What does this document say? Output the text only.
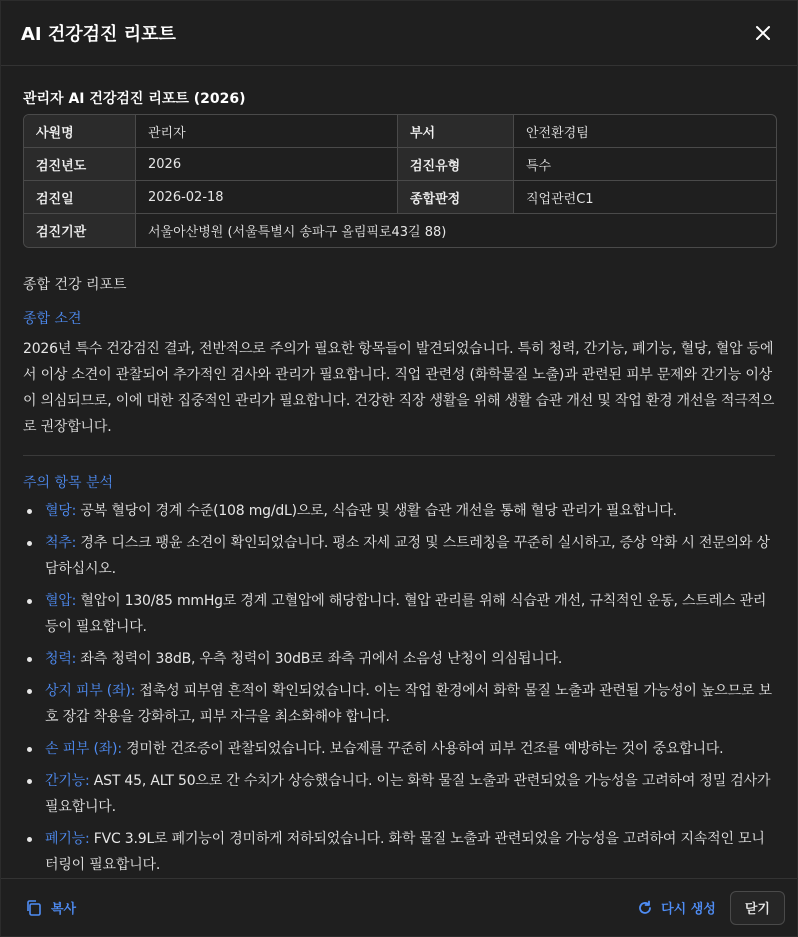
AI 건강검진 리포트
관리자 AI 건강검진 리포트 (2026)
사원명	관리자	부서	안전환경팀
검진년도	2026	검진유형	특수
검진일	2026-02-18	종합판정	직업관련C1
검진기관	서울아산병원 (서울특별시 송파구 올림픽로43길 88)		
종합 건강 리포트
종합 소견
2026년 특수 건강검진 결과, 전반적으로 주의가 필요한 항목들이 발견되었습니다. 특히 청력, 간기능, 폐기능, 혈당, 혈압 등에서 이상 소견이 관찰되어 추가적인 검사와 관리가 필요합니다. 직업 관련성 (화학물질 노출)과 관련된 피부 문제와 간기능 이상이 의심되므로, 이에 대한 집중적인 관리가 필요합니다. 건강한 직장 생활을 위해 생활 습관 개선 및 작업 환경 개선을 적극적으로 권장합니다.
주의 항목 분석
혈당: 공복 혈당이 경계 수준(108 mg/dL)으로, 식습관 및 생활 습관 개선을 통해 혈당 관리가 필요합니다.
척추: 경추 디스크 팽윤 소견이 확인되었습니다. 평소 자세 교정 및 스트레칭을 꾸준히 실시하고, 증상 악화 시 전문의와 상담하십시오.
혈압: 혈압이 130/85 mmHg로 경계 고혈압에 해당합니다. 혈압 관리를 위해 식습관 개선, 규칙적인 운동, 스트레스 관리 등이 필요합니다.
청력: 좌측 청력이 38dB, 우측 청력이 30dB로 좌측 귀에서 소음성 난청이 의심됩니다.
상지 피부 (좌): 접촉성 피부염 흔적이 확인되었습니다. 이는 작업 환경에서 화학 물질 노출과 관련될 가능성이 높으므로 보호 장갑 착용을 강화하고, 피부 자극을 최소화해야 합니다.
손 피부 (좌): 경미한 건조증이 관찰되었습니다. 보습제를 꾸준히 사용하여 피부 건조를 예방하는 것이 중요합니다.
간기능: AST 45, ALT 50으로 간 수치가 상승했습니다. 이는 화학 물질 노출과 관련되었을 가능성을 고려하여 정밀 검사가 필요합니다.
폐기능: FVC 3.9L로 폐기능이 경미하게 저하되었습니다. 화학 물질 노출과 관련되었을 가능성을 고려하여 지속적인 모니터링이 필요합니다.
복사	다시 생성	닫기
